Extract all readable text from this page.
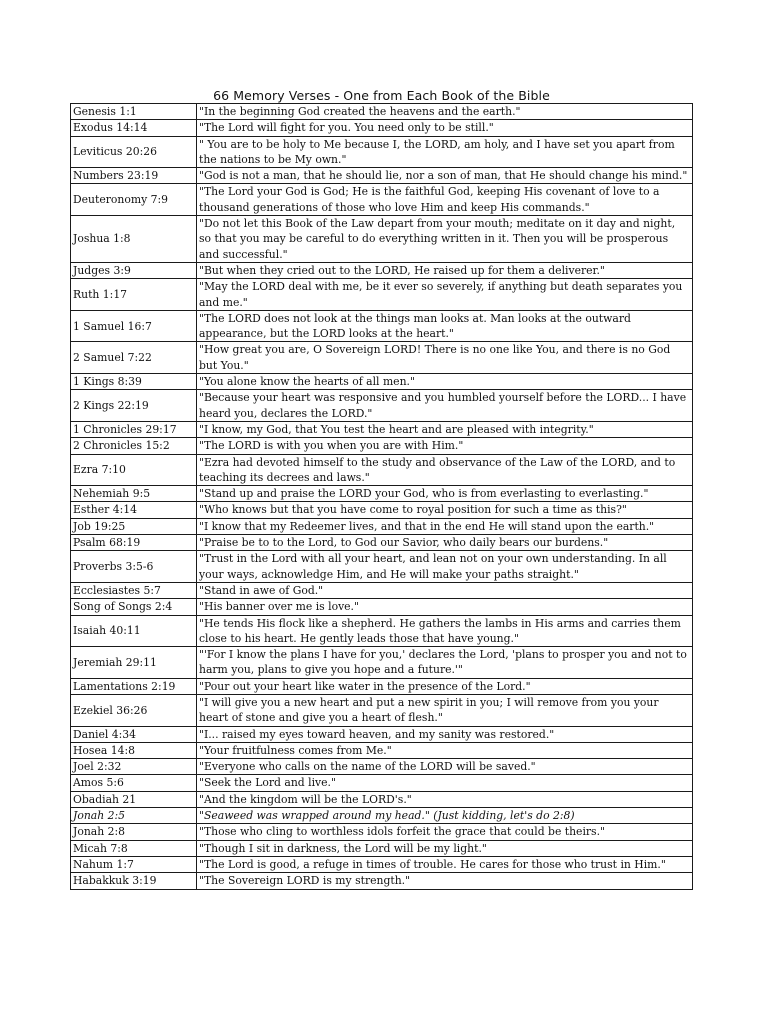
66 Memory Verses - One from Each Book of the Bible
Genesis 1:1	"In the beginning God created the heavens and the earth."
Exodus 14:14	"The Lord will fight for you. You need only to be still."
Leviticus 20:26	" You are to be holy to Me because I, the LORD, am holy, and I have set you apart from the nations to be My own."
Numbers 23:19	"God is not a man, that he should lie, nor a son of man, that He should change his mind."
Deuteronomy 7:9	"The Lord your God is God; He is the faithful God, keeping His covenant of love to a thousand generations of those who love Him and keep His commands."
Joshua 1:8	"Do not let this Book of the Law depart from your mouth; meditate on it day and night, so that you may be careful to do everything written in it. Then you will be prosperous and successful."
Judges 3:9	"But when they cried out to the LORD, He raised up for them a deliverer."
Ruth 1:17	"May the LORD deal with me, be it ever so severely, if anything but death separates you and me."
1 Samuel 16:7	"The LORD does not look at the things man looks at. Man looks at the outward appearance, but the LORD looks at the heart."
2 Samuel 7:22	"How great you are, O Sovereign LORD! There is no one like You, and there is no God but You."
1 Kings 8:39	"You alone know the hearts of all men."
2 Kings 22:19	"Because your heart was responsive and you humbled yourself before the LORD... I have heard you, declares the LORD."
1 Chronicles 29:17	"I know, my God, that You test the heart and are pleased with integrity."
2 Chronicles 15:2	"The LORD is with you when you are with Him."
Ezra 7:10	"Ezra had devoted himself to the study and observance of the Law of the LORD, and to teaching its decrees and laws."
Nehemiah 9:5	"Stand up and praise the LORD your God, who is from everlasting to everlasting."
Esther 4:14	"Who knows but that you have come to royal position for such a time as this?"
Job 19:25	"I know that my Redeemer lives, and that in the end He will stand upon the earth."
Psalm 68:19	"Praise be to to the Lord, to God our Savior, who daily bears our burdens."
Proverbs 3:5-6	"Trust in the Lord with all your heart, and lean not on your own understanding. In all your ways, acknowledge Him, and He will make your paths straight."
Ecclesiastes 5:7	"Stand in awe of God."
Song of Songs 2:4	"His banner over me is love."
Isaiah 40:11	"He tends His flock like a shepherd. He gathers the lambs in His arms and carries them close to his heart. He gently leads those that have young."
Jeremiah 29:11	"'For I know the plans I have for you,' declares the Lord, 'plans to prosper you and not to harm you, plans to give you hope and a future.'"
Lamentations 2:19	"Pour out your heart like water in the presence of the Lord."
Ezekiel 36:26	"I will give you a new heart and put a new spirit in you; I will remove from you your heart of stone and give you a heart of flesh."
Daniel 4:34	"I... raised my eyes toward heaven, and my sanity was restored."
Hosea 14:8	"Your fruitfulness comes from Me."
Joel 2:32	"Everyone who calls on the name of the LORD will be saved."
Amos 5:6	"Seek the Lord and live."
Obadiah 21	"And the kingdom will be the LORD's."
Jonah 2:5	"Seaweed was wrapped around my head." (Just kidding, let's do 2:8)
Jonah 2:8	"Those who cling to worthless idols forfeit the grace that could be theirs."
Micah 7:8	"Though I sit in darkness, the Lord will be my light."
Nahum 1:7	"The Lord is good, a refuge in times of trouble. He cares for those who trust in Him."
Habakkuk 3:19	"The Sovereign LORD is my strength."
